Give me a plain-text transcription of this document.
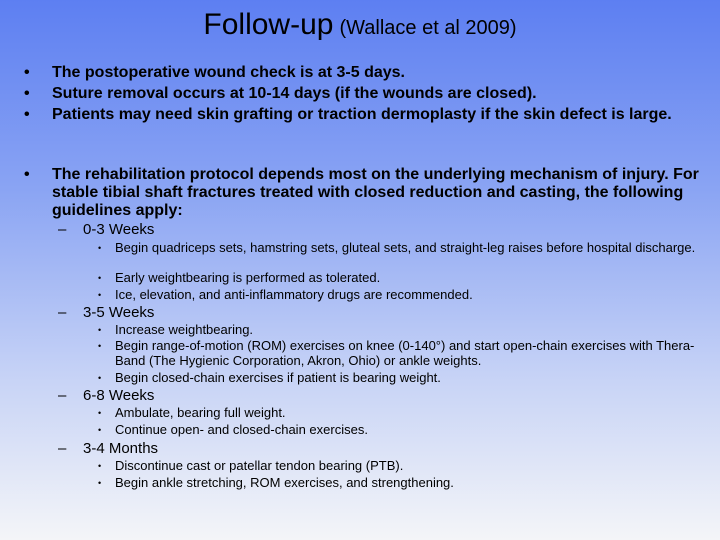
Follow-up (Wallace et al 2009)
• The postoperative wound check is at 3-5 days.
• Suture removal occurs at 10-14 days (if the wounds are closed).
• Patients may need skin grafting or traction dermoplasty if the skin defect is large.
• The rehabilitation protocol depends most on the underlying mechanism of injury. For stable tibial shaft fractures treated with closed reduction and casting, the following guidelines apply:
– 0-3 Weeks
• Begin quadriceps sets, hamstring sets, gluteal sets, and straight-leg raises before hospital discharge.
• Early weightbearing is performed as tolerated.
• Ice, elevation, and anti-inflammatory drugs are recommended.
– 3-5 Weeks
• Increase weightbearing.
• Begin range-of-motion (ROM) exercises on knee (0-140°) and start open-chain exercises with Thera-Band (The Hygienic Corporation, Akron, Ohio) or ankle weights.
• Begin closed-chain exercises if patient is bearing weight.
– 6-8 Weeks
• Ambulate, bearing full weight.
• Continue open- and closed-chain exercises.
– 3-4 Months
• Discontinue cast or patellar tendon bearing (PTB).
• Begin ankle stretching, ROM exercises, and strengthening.
